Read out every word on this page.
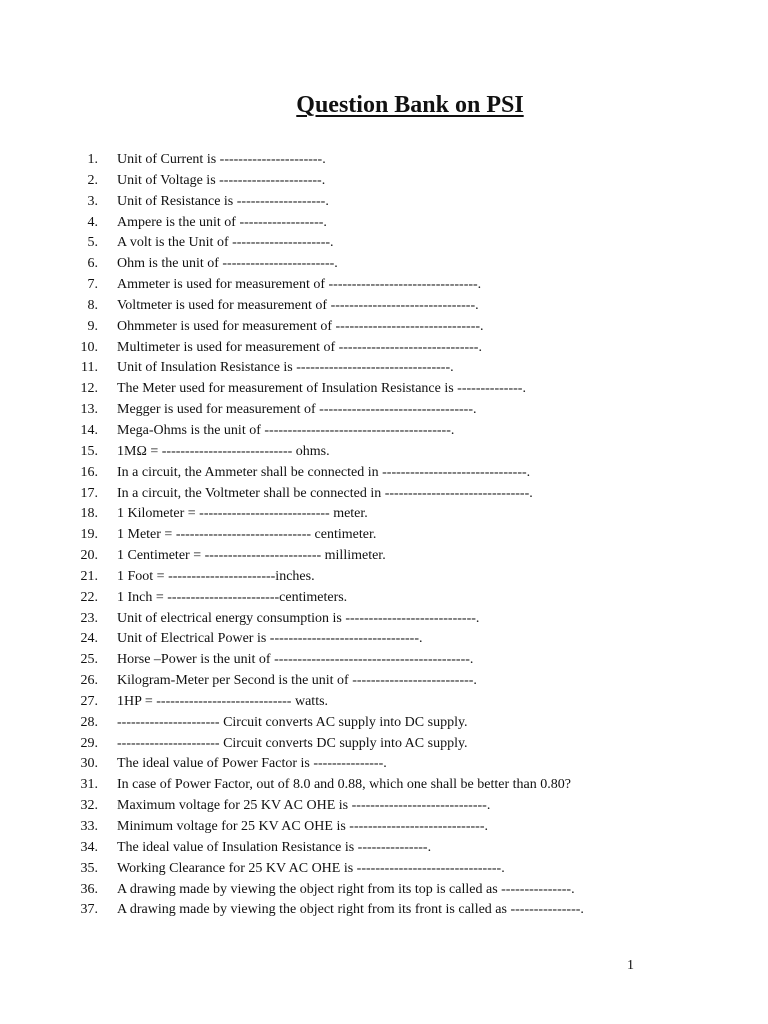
Question Bank on PSI
1. Unit of Current is ----------------------.
2. Unit of Voltage is ----------------------.
3. Unit of Resistance is -------------------.
4. Ampere is the unit of ------------------.
5. A volt is the Unit of ---------------------.
6. Ohm is the unit of ------------------------.
7. Ammeter is used for measurement of --------------------------------.
8. Voltmeter is used for measurement of -------------------------------.
9. Ohmmeter is used for measurement of -------------------------------.
10. Multimeter is used for measurement of ------------------------------.
11. Unit of Insulation Resistance is ---------------------------------.
12. The Meter used for measurement of Insulation Resistance is --------------.
13. Megger is used for measurement of ---------------------------------.
14. Mega-Ohms is the unit of ----------------------------------------.
15. 1MΩ = ---------------------------- ohms.
16. In a circuit, the Ammeter shall be connected in -------------------------------.
17. In a circuit, the Voltmeter shall be connected in -------------------------------.
18. 1 Kilometer = ---------------------------- meter.
19. 1 Meter = ----------------------------- centimeter.
20. 1 Centimeter = ------------------------- millimeter.
21. 1 Foot = -----------------------inches.
22. 1 Inch = ------------------------centimeters.
23. Unit of electrical energy consumption is ----------------------------.
24. Unit of Electrical Power is --------------------------------.
25. Horse –Power is the unit of ------------------------------------------.
26. Kilogram-Meter per Second is the unit of --------------------------.
27. 1HP = ----------------------------- watts.
28. ---------------------- Circuit converts AC supply into DC supply.
29. ---------------------- Circuit converts DC supply into AC supply.
30. The ideal value of Power Factor is ---------------.
31. In case of Power Factor, out of 8.0 and 0.88, which one shall be better than 0.80?
32. Maximum voltage for 25 KV AC OHE is -----------------------------.
33. Minimum voltage for 25 KV AC OHE is -----------------------------.
34. The ideal value of Insulation Resistance is ---------------.
35. Working Clearance for 25 KV AC OHE is -------------------------------.
36. A drawing made by viewing the object right from its top is called as ---------------.
37. A drawing made by viewing the object right from its front is called as ---------------.
1
